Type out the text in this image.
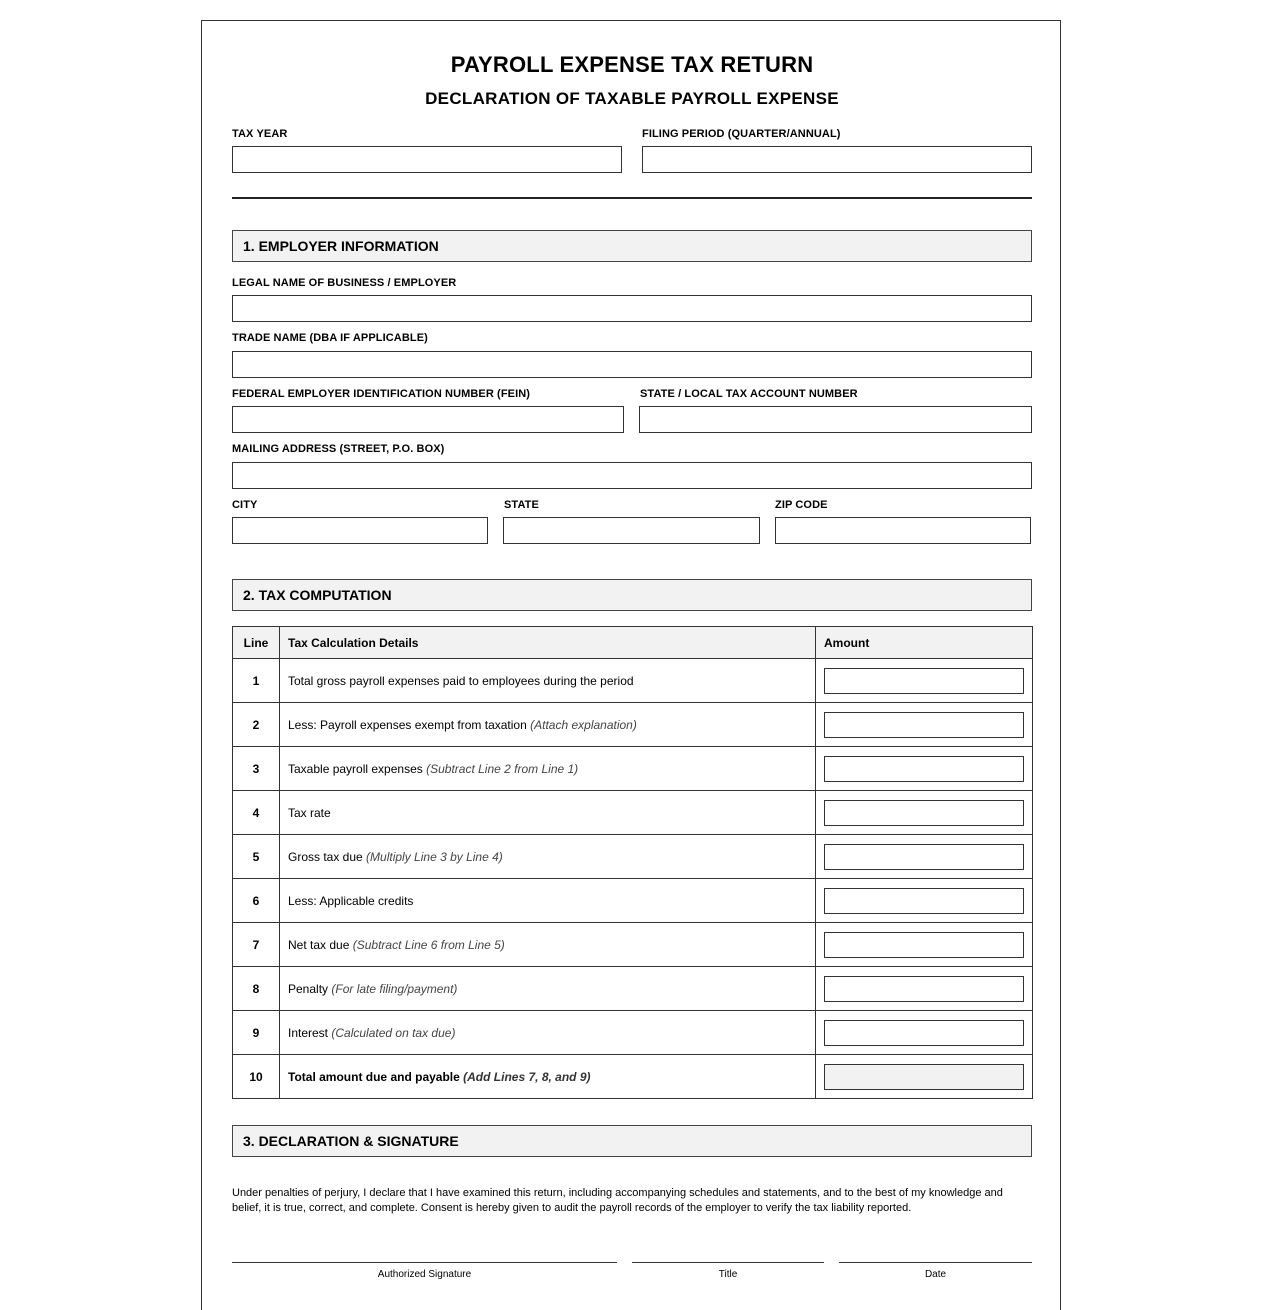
PAYROLL EXPENSE TAX RETURN
DECLARATION OF TAXABLE PAYROLL EXPENSE
TAX YEAR	FILING PERIOD (QUARTER/ANNUAL)
1. EMPLOYER INFORMATION
LEGAL NAME OF BUSINESS / EMPLOYER
TRADE NAME (DBA IF APPLICABLE)
FEDERAL EMPLOYER IDENTIFICATION NUMBER (FEIN)	STATE / LOCAL TAX ACCOUNT NUMBER
MAILING ADDRESS (STREET, P.O. BOX)
CITY	STATE	ZIP CODE
2. TAX COMPUTATION
Line	Tax Calculation Details	Amount
1	Total gross payroll expenses paid to employees during the period	

2	Less: Payroll expenses exempt from taxation (Attach explanation)	

3	Taxable payroll expenses (Subtract Line 2 from Line 1)	

4	Tax rate	

5	Gross tax due (Multiply Line 3 by Line 4)	

6	Less: Applicable credits	

7	Net tax due (Subtract Line 6 from Line 5)	

8	Penalty (For late filing/payment)	

9	Interest (Calculated on tax due)	

10	Total amount due and payable (Add Lines 7, 8, and 9)	
3. DECLARATION & SIGNATURE
Under penalties of perjury, I declare that I have examined this return, including accompanying schedules and statements, and to the best of my knowledge and belief, it is true, correct, and complete. Consent is hereby given to audit the payroll records of the employer to verify the tax liability reported.
Authorized Signature	Title	Date
